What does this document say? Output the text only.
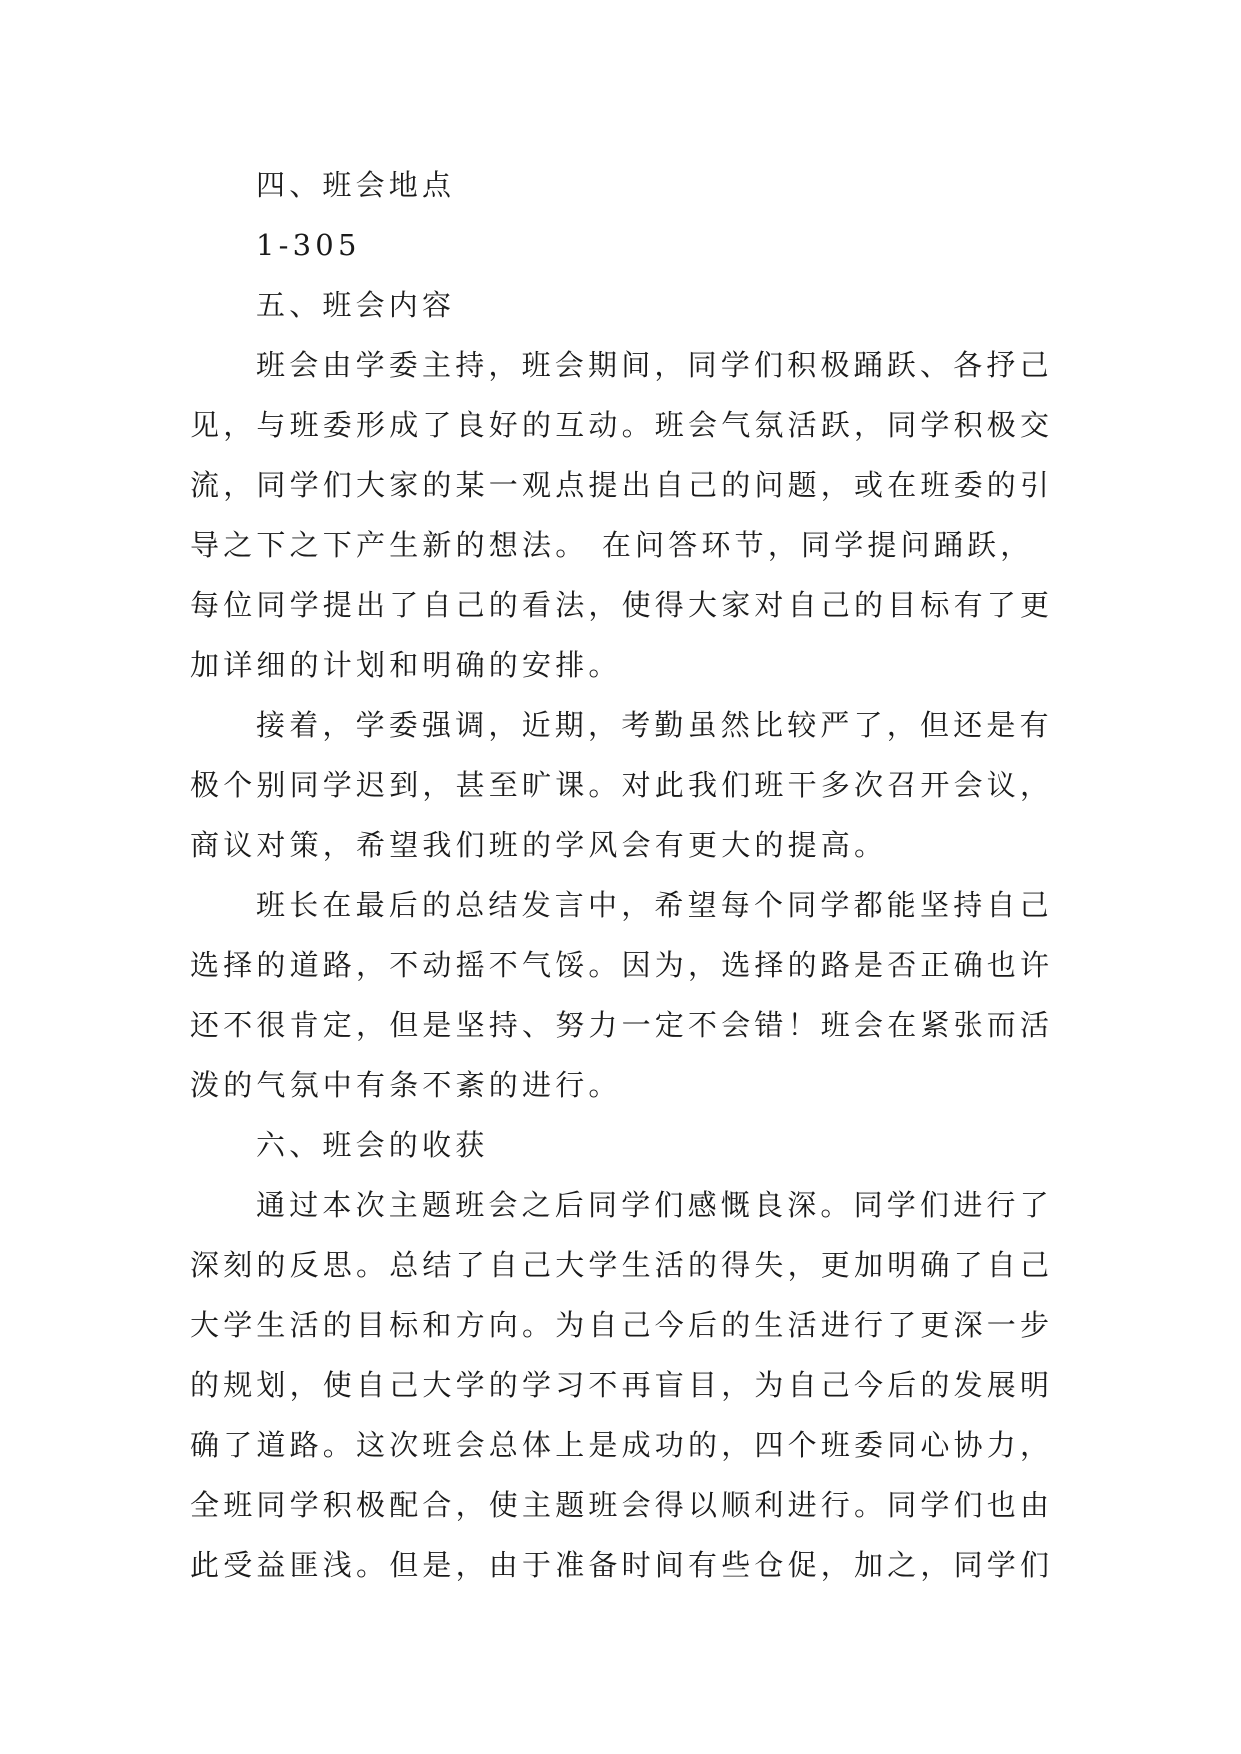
四、班会地点
1-305
五、班会内容
班会由学委主持，班会期间，同学们积极踊跃、各抒己
见，与班委形成了良好的互动。班会气氛活跃，同学积极交
流，同学们大家的某一观点提出自己的问题，或在班委的引
导之下之下产生新的想法。 在问答环节，同学提问踊跃，
每位同学提出了自己的看法，使得大家对自己的目标有了更
加详细的计划和明确的安排。
接着，学委强调，近期，考勤虽然比较严了，但还是有
极个别同学迟到，甚至旷课。对此我们班干多次召开会议，
商议对策，希望我们班的学风会有更大的提高。
班长在最后的总结发言中，希望每个同学都能坚持自己
选择的道路，不动摇不气馁。因为，选择的路是否正确也许
还不很肯定，但是坚持、努力一定不会错！班会在紧张而活
泼的气氛中有条不紊的进行。
六、班会的收获
通过本次主题班会之后同学们感慨良深。同学们进行了
深刻的反思。总结了自己大学生活的得失，更加明确了自己
大学生活的目标和方向。为自己今后的生活进行了更深一步
的规划，使自己大学的学习不再盲目，为自己今后的发展明
确了道路。这次班会总体上是成功的，四个班委同心协力，
全班同学积极配合，使主题班会得以顺利进行。同学们也由
此受益匪浅。但是，由于准备时间有些仓促，加之，同学们
